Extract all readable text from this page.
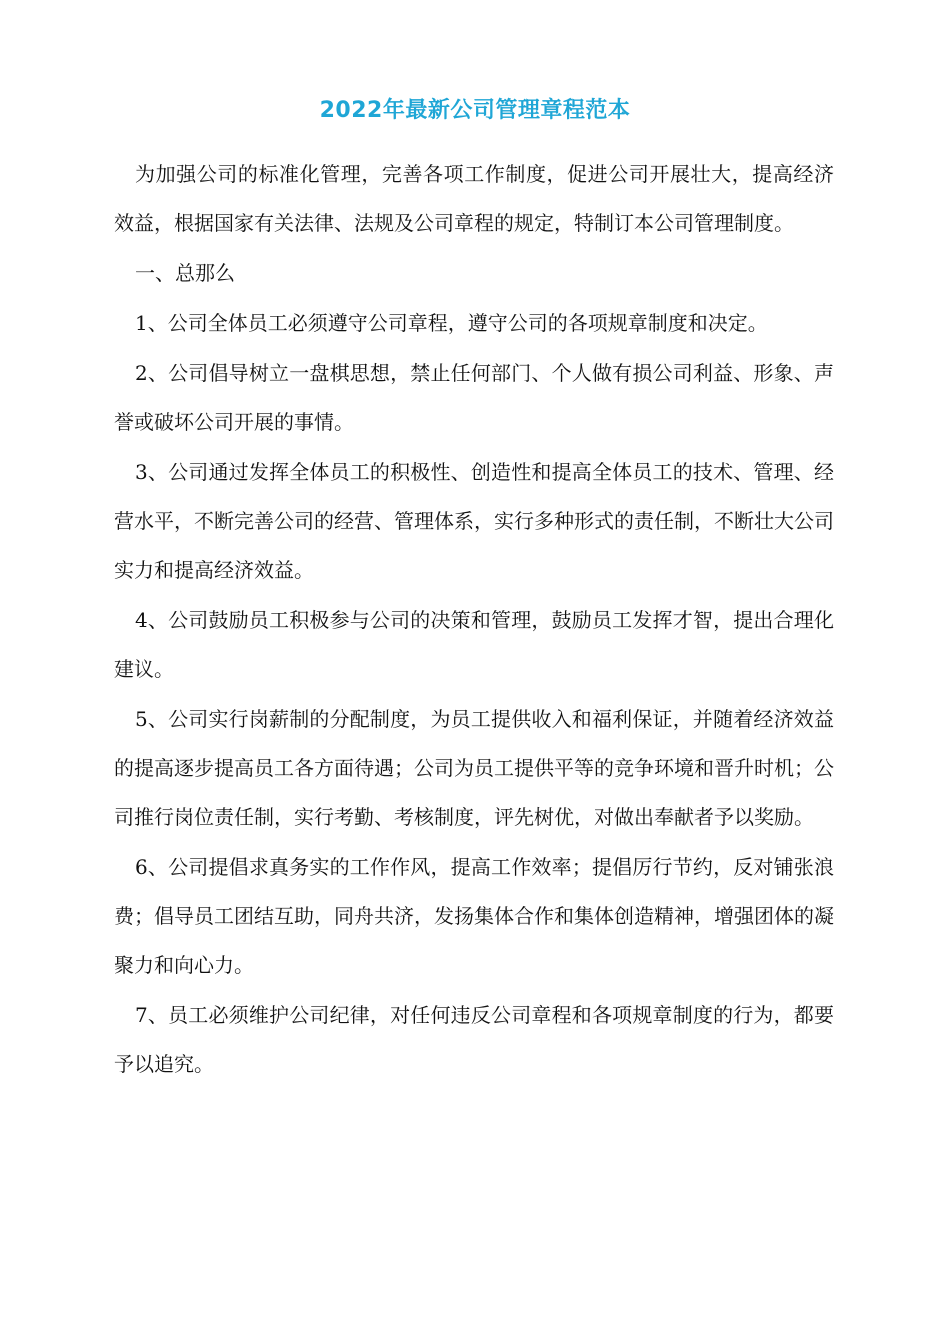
2022年最新公司管理章程范本

为加强公司的标准化管理，完善各项工作制度，促进公司开展壮大，提高经济效益，根据国家有关法律、法规及公司章程的规定，特制订本公司管理制度。

一、总那么

1、公司全体员工必须遵守公司章程，遵守公司的各项规章制度和决定。

2、公司倡导树立一盘棋思想，禁止任何部门、个人做有损公司利益、形象、声誉或破坏公司开展的事情。

3、公司通过发挥全体员工的积极性、创造性和提高全体员工的技术、管理、经营水平，不断完善公司的经营、管理体系，实行多种形式的责任制，不断壮大公司实力和提高经济效益。

4、公司鼓励员工积极参与公司的决策和管理，鼓励员工发挥才智，提出合理化建议。

5、公司实行岗薪制的分配制度，为员工提供收入和福利保证，并随着经济效益的提高逐步提高员工各方面待遇；公司为员工提供平等的竞争环境和晋升时机；公司推行岗位责任制，实行考勤、考核制度，评先树优，对做出奉献者予以奖励。

6、公司提倡求真务实的工作作风，提高工作效率；提倡厉行节约，反对铺张浪费；倡导员工团结互助，同舟共济，发扬集体合作和集体创造精神，增强团体的凝聚力和向心力。

7、员工必须维护公司纪律，对任何违反公司章程和各项规章制度的行为，都要予以追究。
